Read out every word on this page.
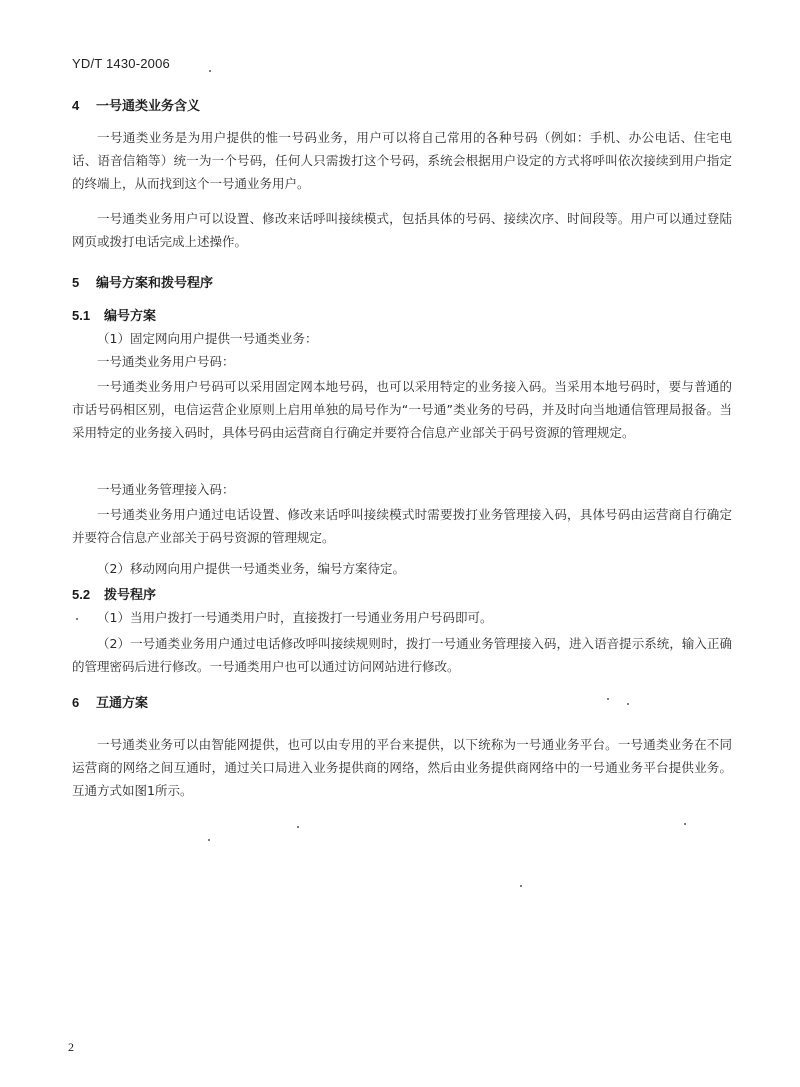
YD/T 1430-2006
4 一号通类业务含义
一号通类业务是为用户提供的惟一号码业务，用户可以将自己常用的各种号码（例如：手机、办公电话、住宅电话、语音信箱等）统一为一个号码，任何人只需拨打这个号码，系统会根据用户设定的方式将呼叫依次接续到用户指定的终端上，从而找到这个一号通业务用户。
一号通类业务用户可以设置、修改来话呼叫接续模式，包括具体的号码、接续次序、时间段等。用户可以通过登陆网页或拨打电话完成上述操作。
5 编号方案和拨号程序
5.1 编号方案
（1）固定网向用户提供一号通类业务：
一号通类业务用户号码：
一号通类业务用户号码可以采用固定网本地号码，也可以采用特定的业务接入码。当采用本地号码时，要与普通的市话号码相区别，电信运营企业原则上启用单独的局号作为“一号通”类业务的号码，并及时向当地通信管理局报备。当采用特定的业务接入码时，具体号码由运营商自行确定并要符合信息产业部关于码号资源的管理规定。
一号通业务管理接入码：
一号通类业务用户通过电话设置、修改来话呼叫接续模式时需要拨打业务管理接入码，具体号码由运营商自行确定并要符合信息产业部关于码号资源的管理规定。
（2）移动网向用户提供一号通类业务，编号方案待定。
5.2 拨号程序
（1）当用户拨打一号通类用户时，直接拨打一号通业务用户号码即可。
（2）一号通类业务用户通过电话修改呼叫接续规则时，拨打一号通业务管理接入码，进入语音提示系统，输入正确的管理密码后进行修改。一号通类用户也可以通过访问网站进行修改。
6 互通方案
一号通类业务可以由智能网提供，也可以由专用的平台来提供，以下统称为一号通业务平台。一号通类业务在不同运营商的网络之间互通时，通过关口局进入业务提供商的网络，然后由业务提供商网络中的一号通业务平台提供业务。互通方式如图1所示。
2
